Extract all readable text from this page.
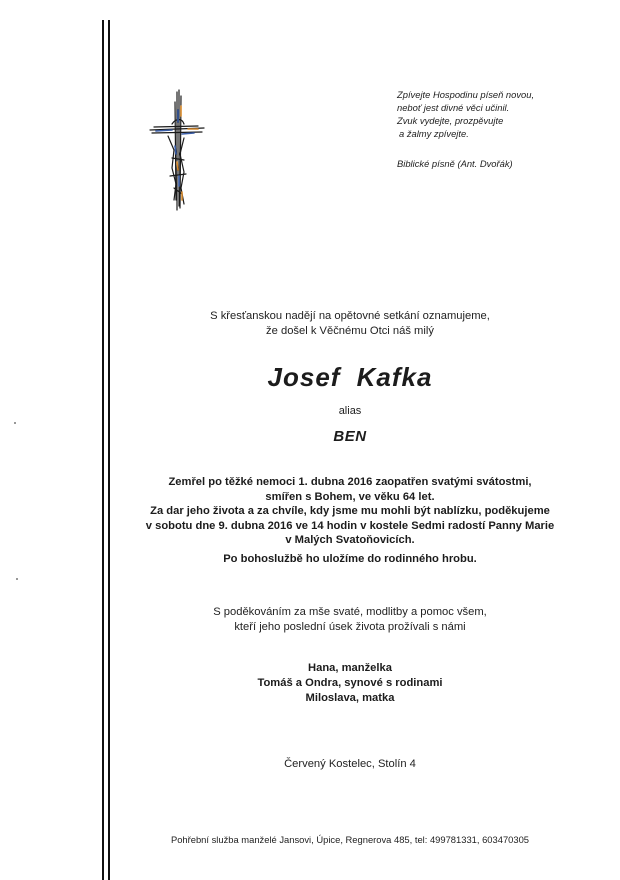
Zpívejte Hospodinu píseň novou,
neboť jest divné věci učinil.
Zvuk vydejte, prozpěvujte
a žalmy zpívejte.
Biblické písně (Ant. Dvořák)
S křesťanskou nadějí na opětovné setkání oznamujeme,
že došel k Věčnému Otci náš milý
Josef Kafka
alias
BEN
Zemřel po těžké nemoci 1. dubna 2016 zaopatřen svatými svátostmi,
smířen s Bohem, ve věku 64 let.
Za dar jeho života a za chvíle, kdy jsme mu mohli být nablízku, poděkujeme
v sobotu dne 9. dubna 2016 ve 14 hodin v kostele Sedmi radostí Panny Marie
v Malých Svatoňovicích.
Po bohoslužbě ho uložíme do rodinného hrobu.
S poděkováním za mše svaté, modlitby a pomoc všem,
kteří jeho poslední úsek života prožívali s námi
Hana, manželka
Tomáš a Ondra, synové s rodinami
Miloslava, matka
Červený Kostelec, Stolín 4
Pohřební služba manželé Jansovi, Úpice, Regnerova 485, tel: 499781331, 603470305
